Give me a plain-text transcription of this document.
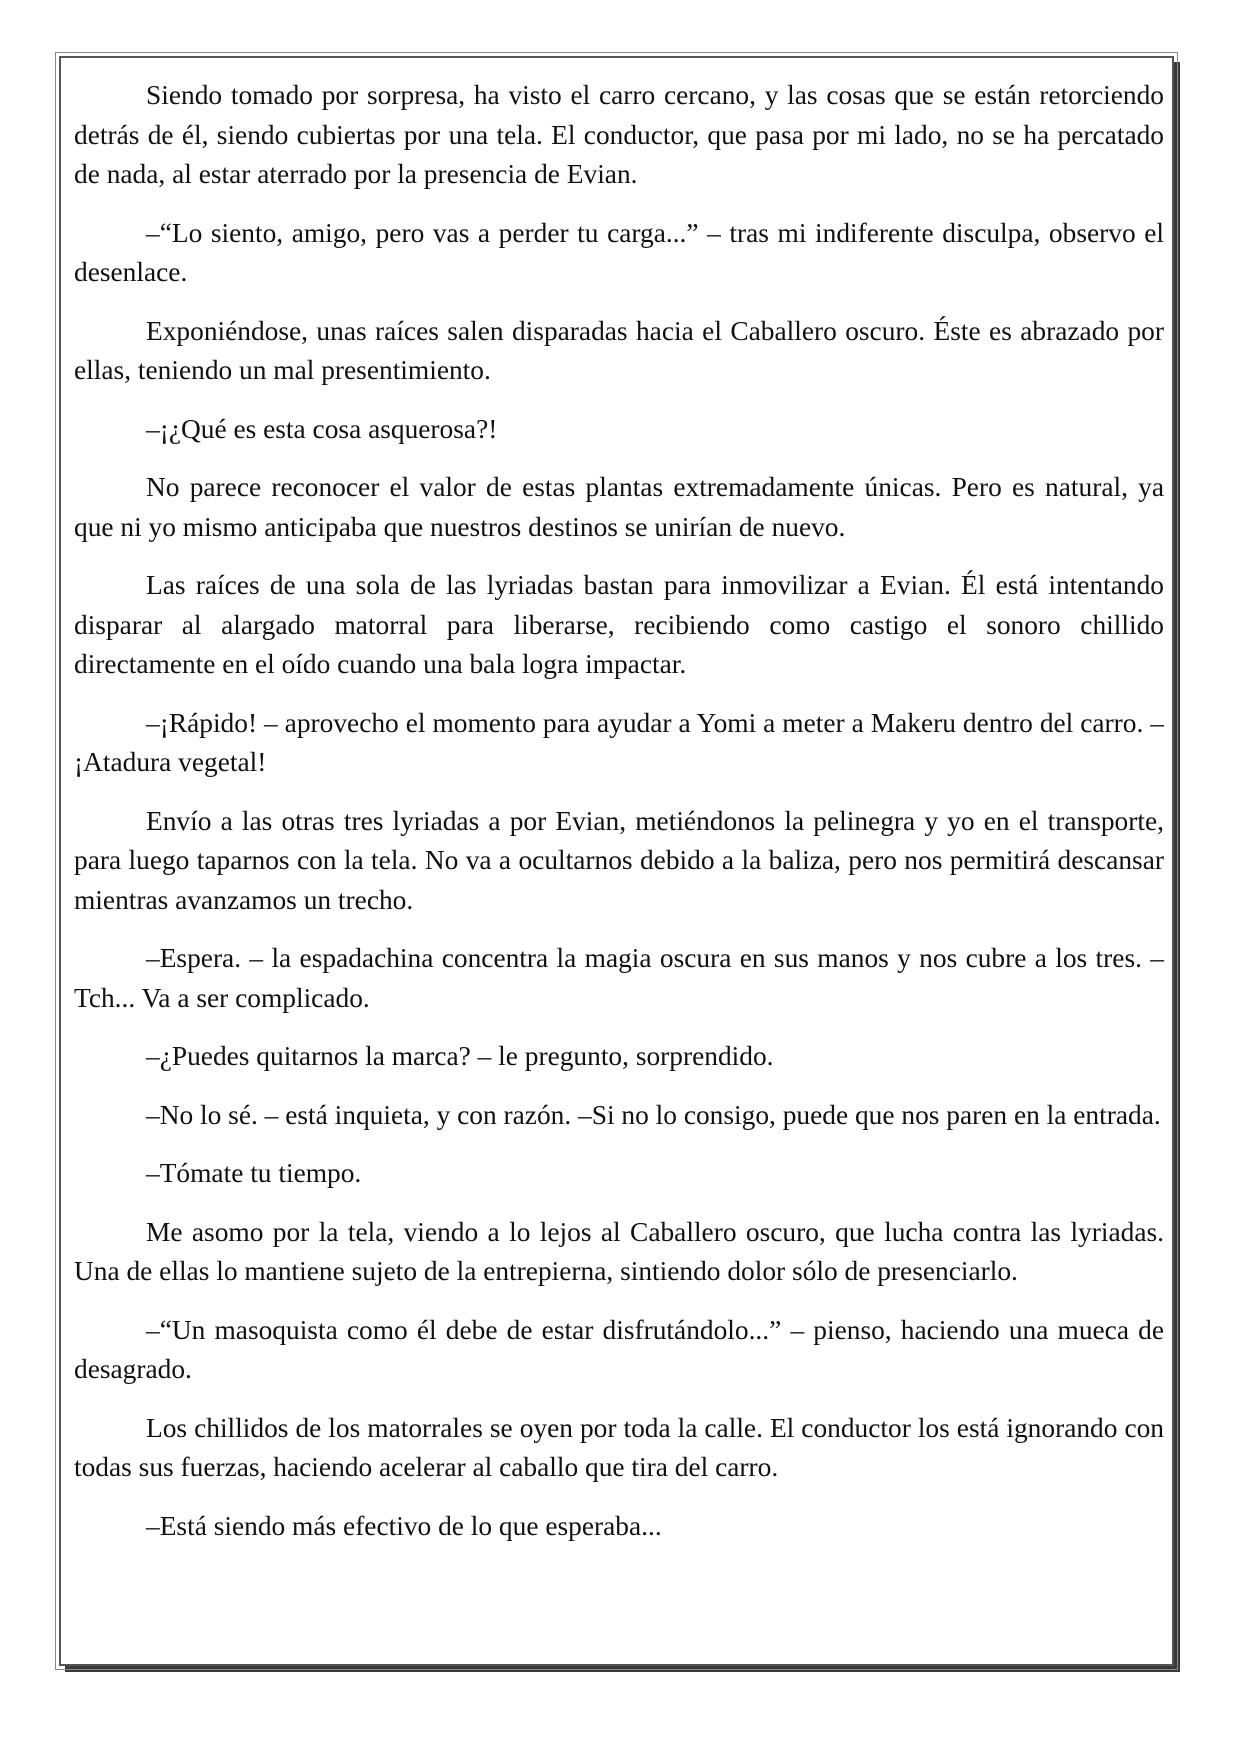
Siendo tomado por sorpresa, ha visto el carro cercano, y las cosas que se están retorciendo detrás de él, siendo cubiertas por una tela. El conductor, que pasa por mi lado, no se ha percatado de nada, al estar aterrado por la presencia de Evian.

–“Lo siento, amigo, pero vas a perder tu carga...” – tras mi indiferente disculpa, observo el desenlace.

Exponiéndose, unas raíces salen disparadas hacia el Caballero oscuro. Éste es abrazado por ellas, teniendo un mal presentimiento.

–¡¿Qué es esta cosa asquerosa?!

No parece reconocer el valor de estas plantas extremadamente únicas. Pero es natural, ya que ni yo mismo anticipaba que nuestros destinos se unirían de nuevo.

Las raíces de una sola de las lyriadas bastan para inmovilizar a Evian. Él está intentando disparar al alargado matorral para liberarse, recibiendo como castigo el sonoro chillido directamente en el oído cuando una bala logra impactar.

–¡Rápido! – aprovecho el momento para ayudar a Yomi a meter a Makeru dentro del carro. –¡Atadura vegetal!

Envío a las otras tres lyriadas a por Evian, metiéndonos la pelinegra y yo en el transporte, para luego taparnos con la tela. No va a ocultarnos debido a la baliza, pero nos permitirá descansar mientras avanzamos un trecho.

–Espera. – la espadachina concentra la magia oscura en sus manos y nos cubre a los tres. –Tch... Va a ser complicado.

–¿Puedes quitarnos la marca? – le pregunto, sorprendido.

–No lo sé. – está inquieta, y con razón. –Si no lo consigo, puede que nos paren en la entrada.

–Tómate tu tiempo.

Me asomo por la tela, viendo a lo lejos al Caballero oscuro, que lucha contra las lyriadas. Una de ellas lo mantiene sujeto de la entrepierna, sintiendo dolor sólo de presenciarlo.

–“Un masoquista como él debe de estar disfrutándolo...” – pienso, haciendo una mueca de desagrado.

Los chillidos de los matorrales se oyen por toda la calle. El conductor los está ignorando con todas sus fuerzas, haciendo acelerar al caballo que tira del carro.

–Está siendo más efectivo de lo que esperaba...
